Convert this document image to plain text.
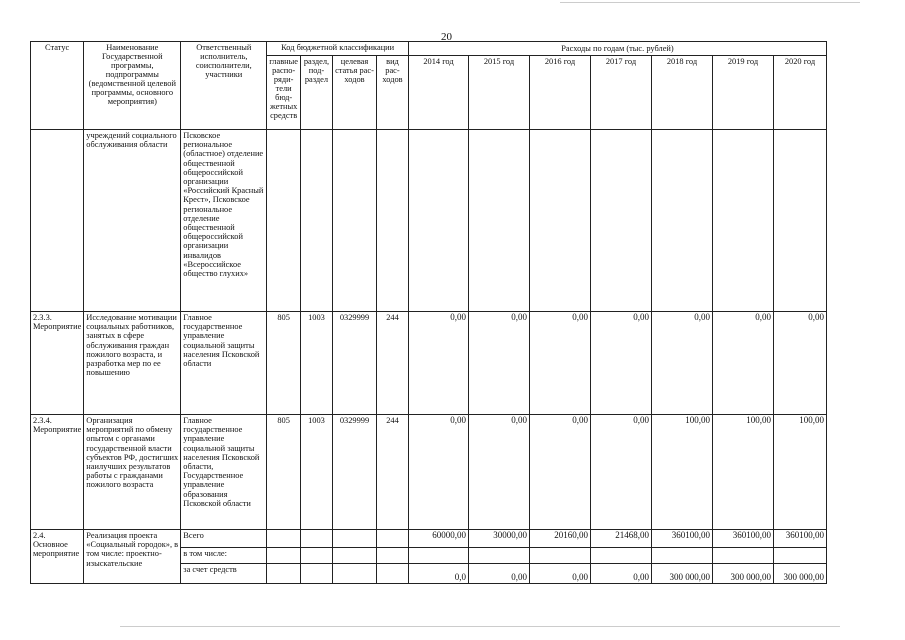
20
Статус	Наименование Государственной программы, подпрограммы (ведомственной целевой программы, основного мероприятия)	Ответственный исполнитель, соисполнители, участники	Код бюджетной классификации				Расходы по годам (тыс. рублей)						
			главные распо- ряди- тели бюд- жетных средств	раздел, под- раздел	целевая статья рас- ходов	вид рас- ходов							
							2014 год	2015 год	2016 год	2017 год	2018 год	2019 год	2020 год
	учреждений социального обслуживания области	Псковское региональное (областное) отделение общественной общероссийской организации «Российский Красный Крест», Псковское региональное отделение общественной общероссийской организации инвалидов «Всероссийское общество глухих»											
2.3.3. Мероприятие	Исследование мотивации социальных работников, занятых в сфере обслуживания граждан пожилого возраста, и разработка мер по ее повышению	Главное государственное управление социальной защиты населения Псковской области	805	1003	0329999	244	0,00	0,00	0,00	0,00	0,00	0,00	0,00
2.3.4. Мероприятие	Организация мероприятий по обмену опытом с органами государственной власти субъектов РФ, достигших наилучших результатов работы с гражданами пожилого возраста	Главное государственное управление социальной защиты населения Псковской области, Государственное управление образования Псковской области	805	1003	0329999	244	0,00	0,00	0,00	0,00	100,00	100,00	100,00
2.4. Основное мероприятие	Реализация проекта «Социальный городок», в том числе: проектно-изыскательские	Всего					60000,00	30000,00	20160,00	21468,00	360100,00	360100,00	360100,00
		в том числе:											
		за счет средств					0,0	0,00	0,00	0,00	300 000,00	300 000,00	300 000,00
